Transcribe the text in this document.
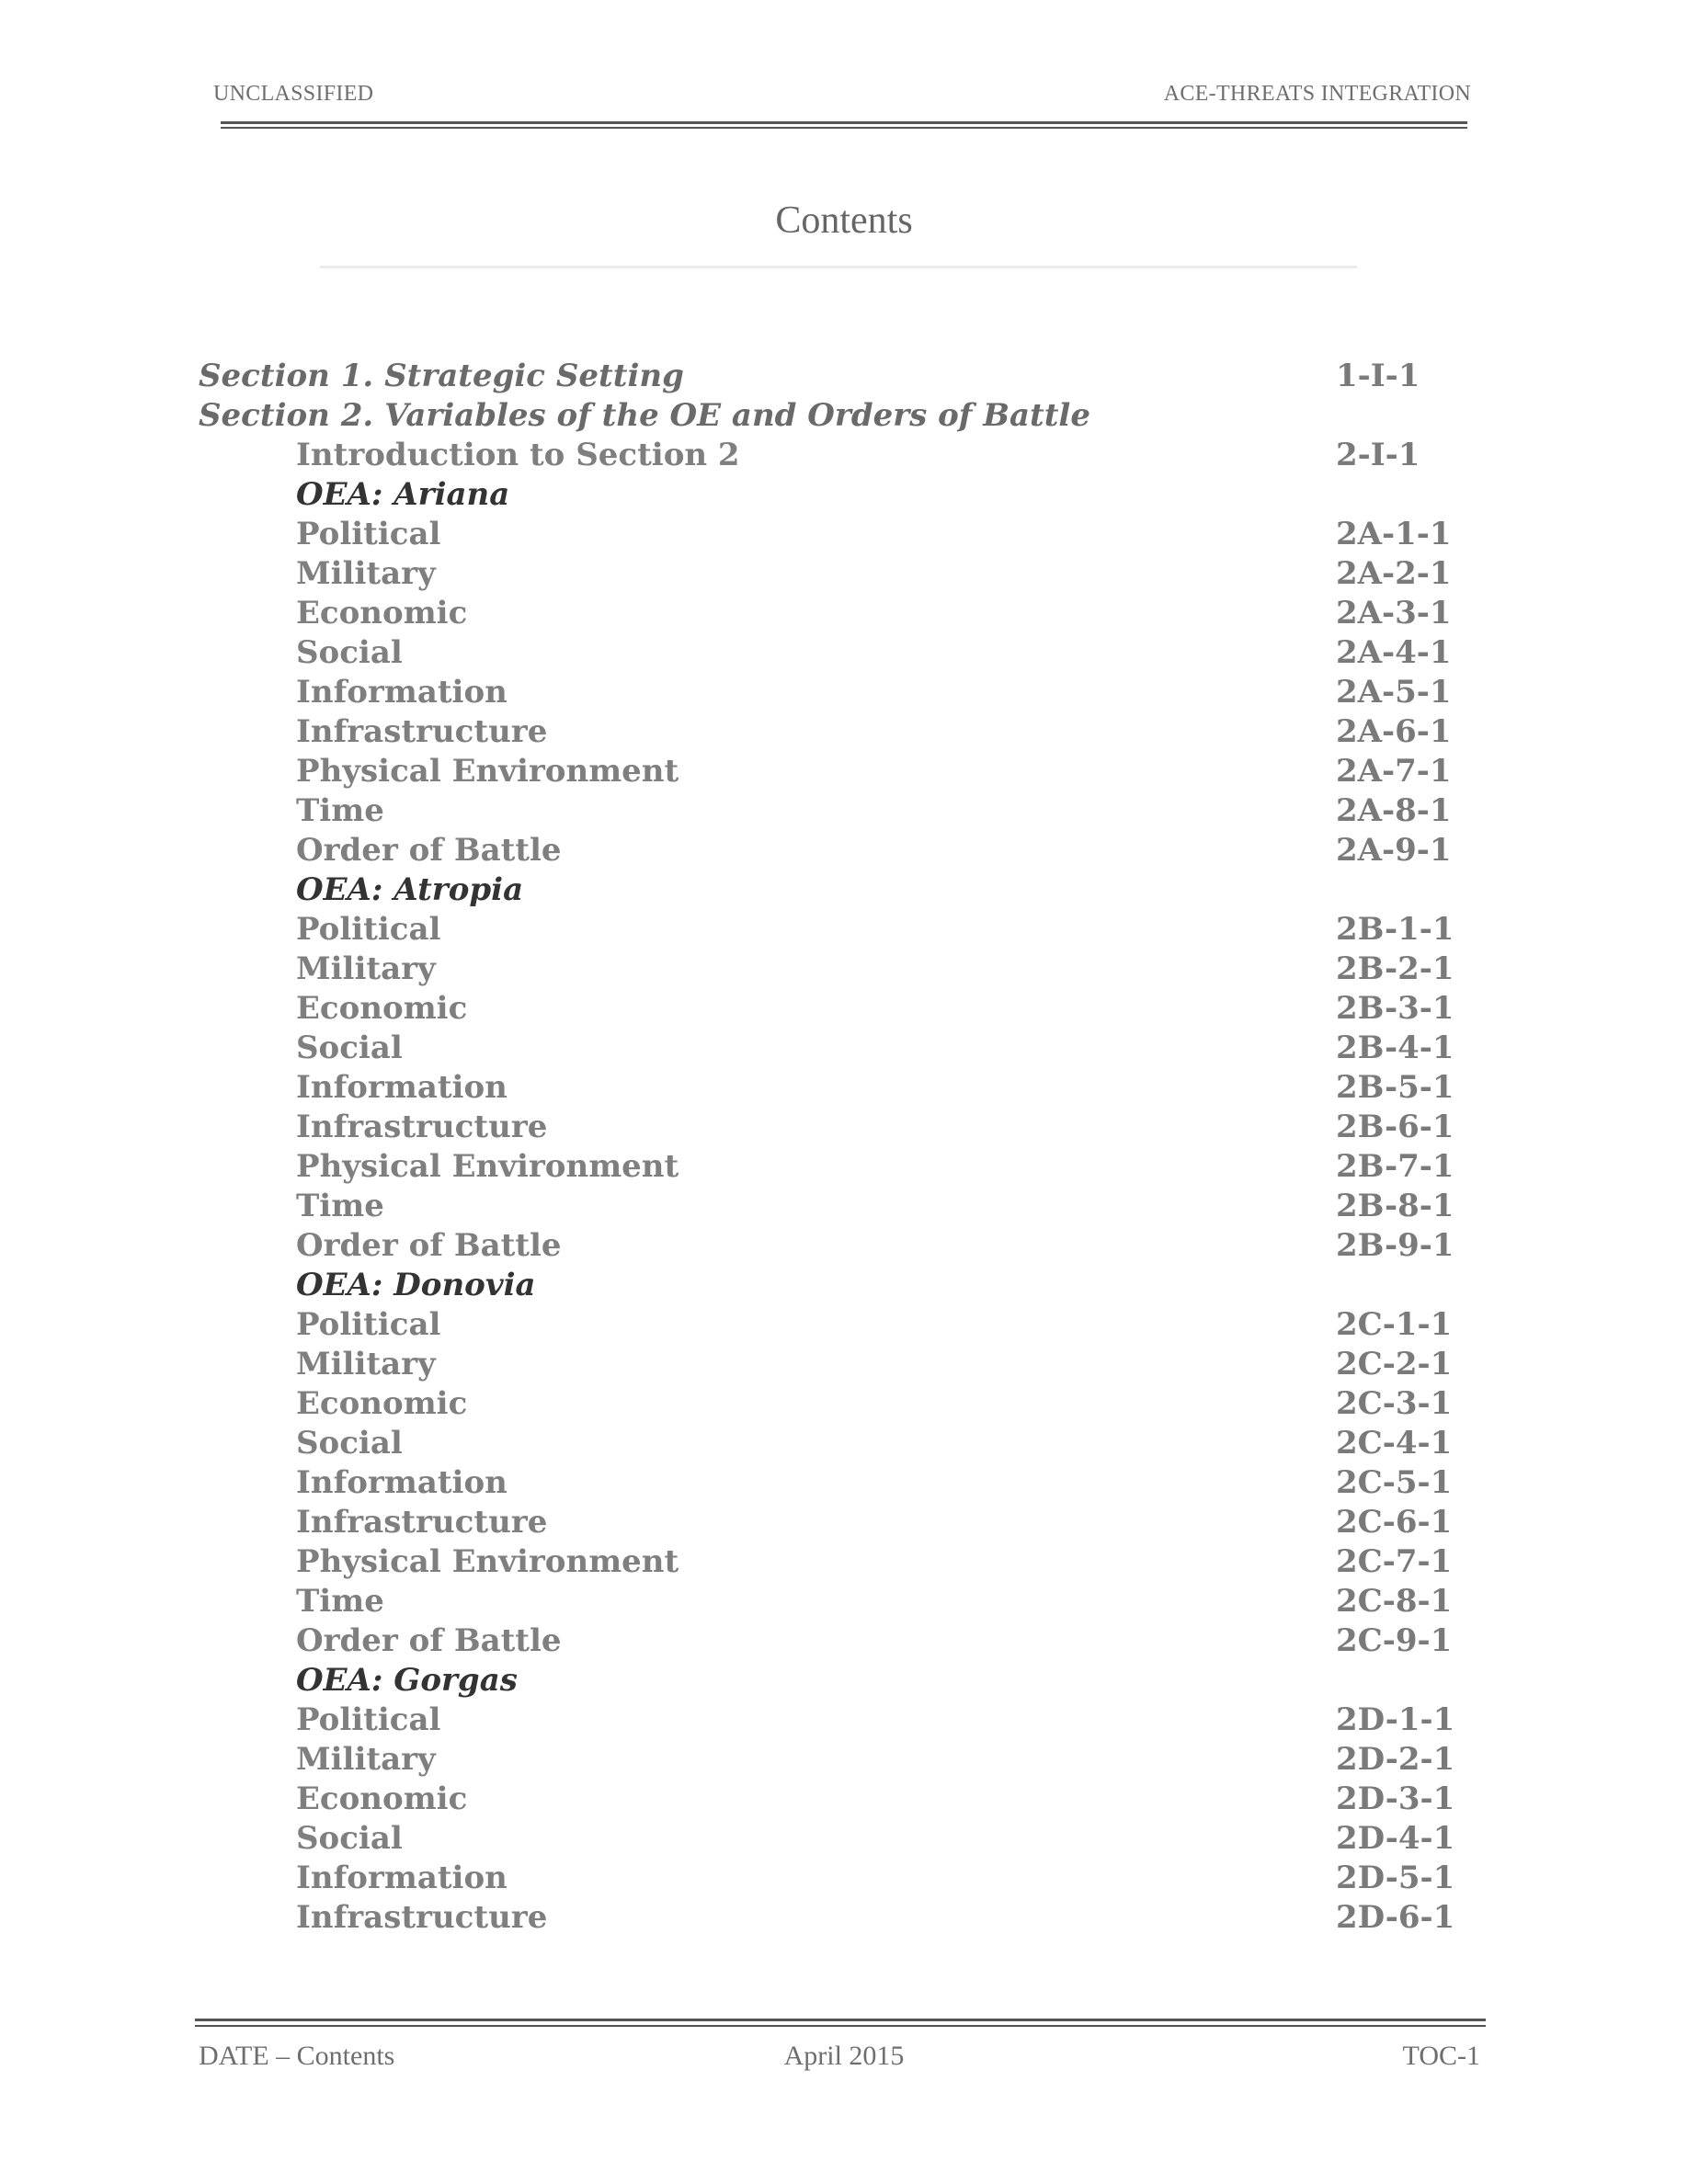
UNCLASSIFIED	ACE-THREATS INTEGRATION
Contents
Section 1. Strategic Setting	1-I-1
Section 2. Variables of the OE and Orders of Battle
Introduction to Section 2	2-I-1
OEA: Ariana
Political	2A-1-1
Military	2A-2-1
Economic	2A-3-1
Social	2A-4-1
Information	2A-5-1
Infrastructure	2A-6-1
Physical Environment	2A-7-1
Time	2A-8-1
Order of Battle	2A-9-1
OEA: Atropia
Political	2B-1-1
Military	2B-2-1
Economic	2B-3-1
Social	2B-4-1
Information	2B-5-1
Infrastructure	2B-6-1
Physical Environment	2B-7-1
Time	2B-8-1
Order of Battle	2B-9-1
OEA: Donovia
Political	2C-1-1
Military	2C-2-1
Economic	2C-3-1
Social	2C-4-1
Information	2C-5-1
Infrastructure	2C-6-1
Physical Environment	2C-7-1
Time	2C-8-1
Order of Battle	2C-9-1
OEA: Gorgas
Political	2D-1-1
Military	2D-2-1
Economic	2D-3-1
Social	2D-4-1
Information	2D-5-1
Infrastructure	2D-6-1
DATE – Contents	April 2015	TOC-1
